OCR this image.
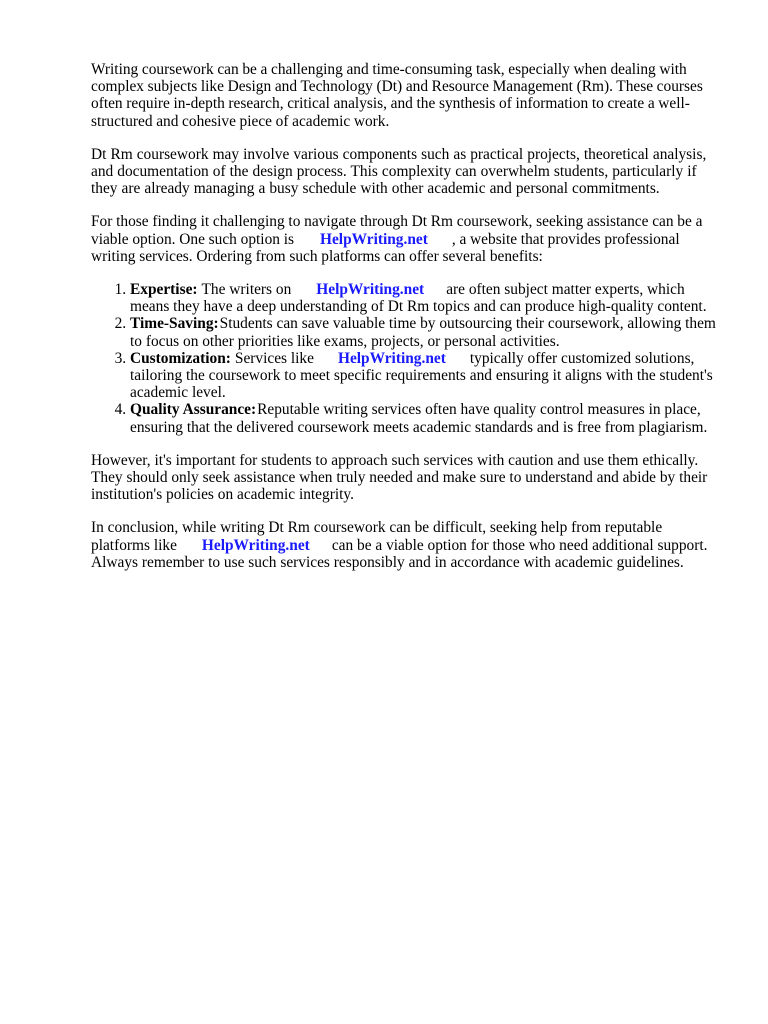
Writing coursework can be a challenging and time-consuming task, especially when dealing with complex subjects like Design and Technology (Dt) and Resource Management (Rm). These courses often require in-depth research, critical analysis, and the synthesis of information to create a well-structured and cohesive piece of academic work.

Dt Rm coursework may involve various components such as practical projects, theoretical analysis, and documentation of the design process. This complexity can overwhelm students, particularly if they are already managing a busy schedule with other academic and personal commitments.

For those finding it challenging to navigate through Dt Rm coursework, seeking assistance can be a viable option. One such option is HelpWriting.net , a website that provides professional writing services. Ordering from such platforms can offer several benefits:

1. Expertise: The writers on HelpWriting.net are often subject matter experts, which means they have a deep understanding of Dt Rm topics and can produce high-quality content.
2. Time-Saving:Students can save valuable time by outsourcing their coursework, allowing them to focus on other priorities like exams, projects, or personal activities.
3. Customization: Services like HelpWriting.net typically offer customized solutions, tailoring the coursework to meet specific requirements and ensuring it aligns with the student's academic level.
4. Quality Assurance:Reputable writing services often have quality control measures in place, ensuring that the delivered coursework meets academic standards and is free from plagiarism.

However, it's important for students to approach such services with caution and use them ethically. They should only seek assistance when truly needed and make sure to understand and abide by their institution's policies on academic integrity.

In conclusion, while writing Dt Rm coursework can be difficult, seeking help from reputable platforms like HelpWriting.net can be a viable option for those who need additional support. Always remember to use such services responsibly and in accordance with academic guidelines.
